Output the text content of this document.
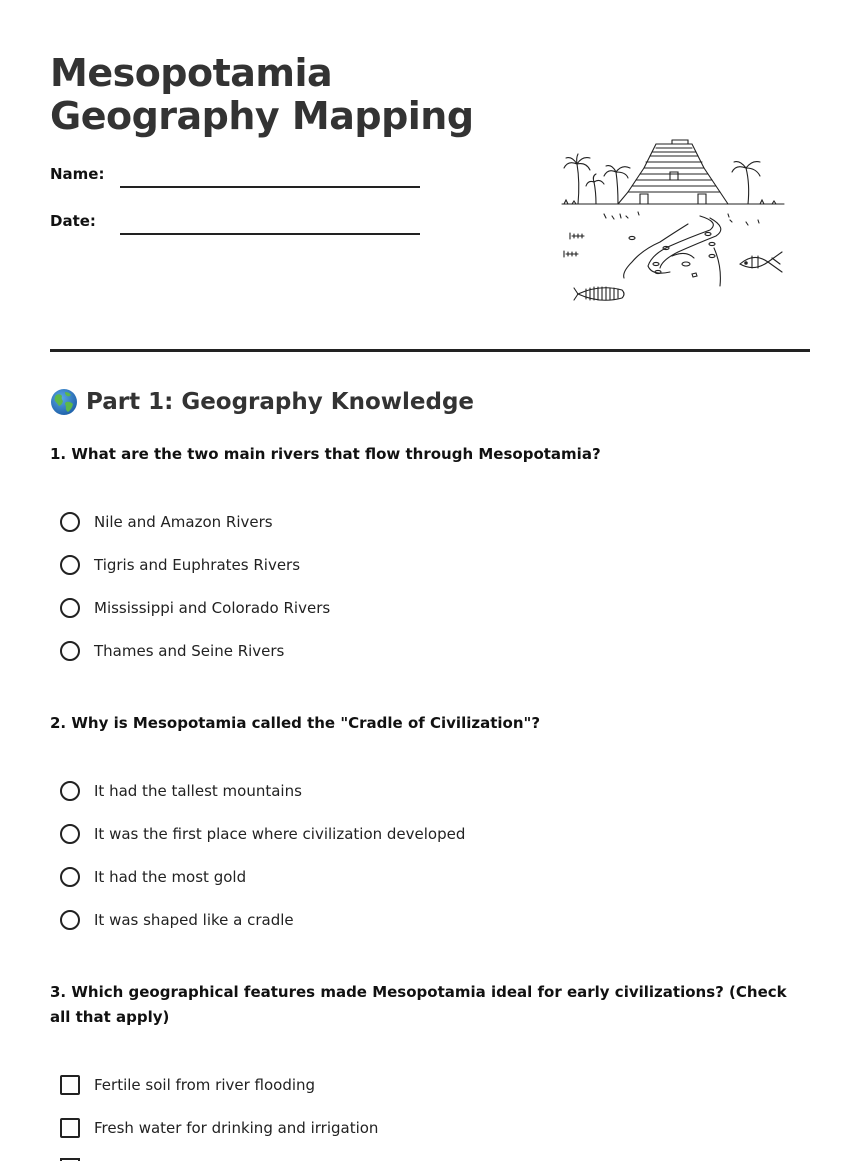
Mesopotamia
Geography Mapping
Name:
Date:
Part 1: Geography Knowledge

1. What are the two main rivers that flow through Mesopotamia?

Nile and Amazon Rivers
Tigris and Euphrates Rivers
Mississippi and Colorado Rivers
Thames and Seine Rivers

2. Why is Mesopotamia called the "Cradle of Civilization"?

It had the tallest mountains
It was the first place where civilization developed
It had the most gold
It was shaped like a cradle

3. Which geographical features made Mesopotamia ideal for early civilizations? (Check all that apply)

Fertile soil from river flooding
Fresh water for drinking and irrigation
